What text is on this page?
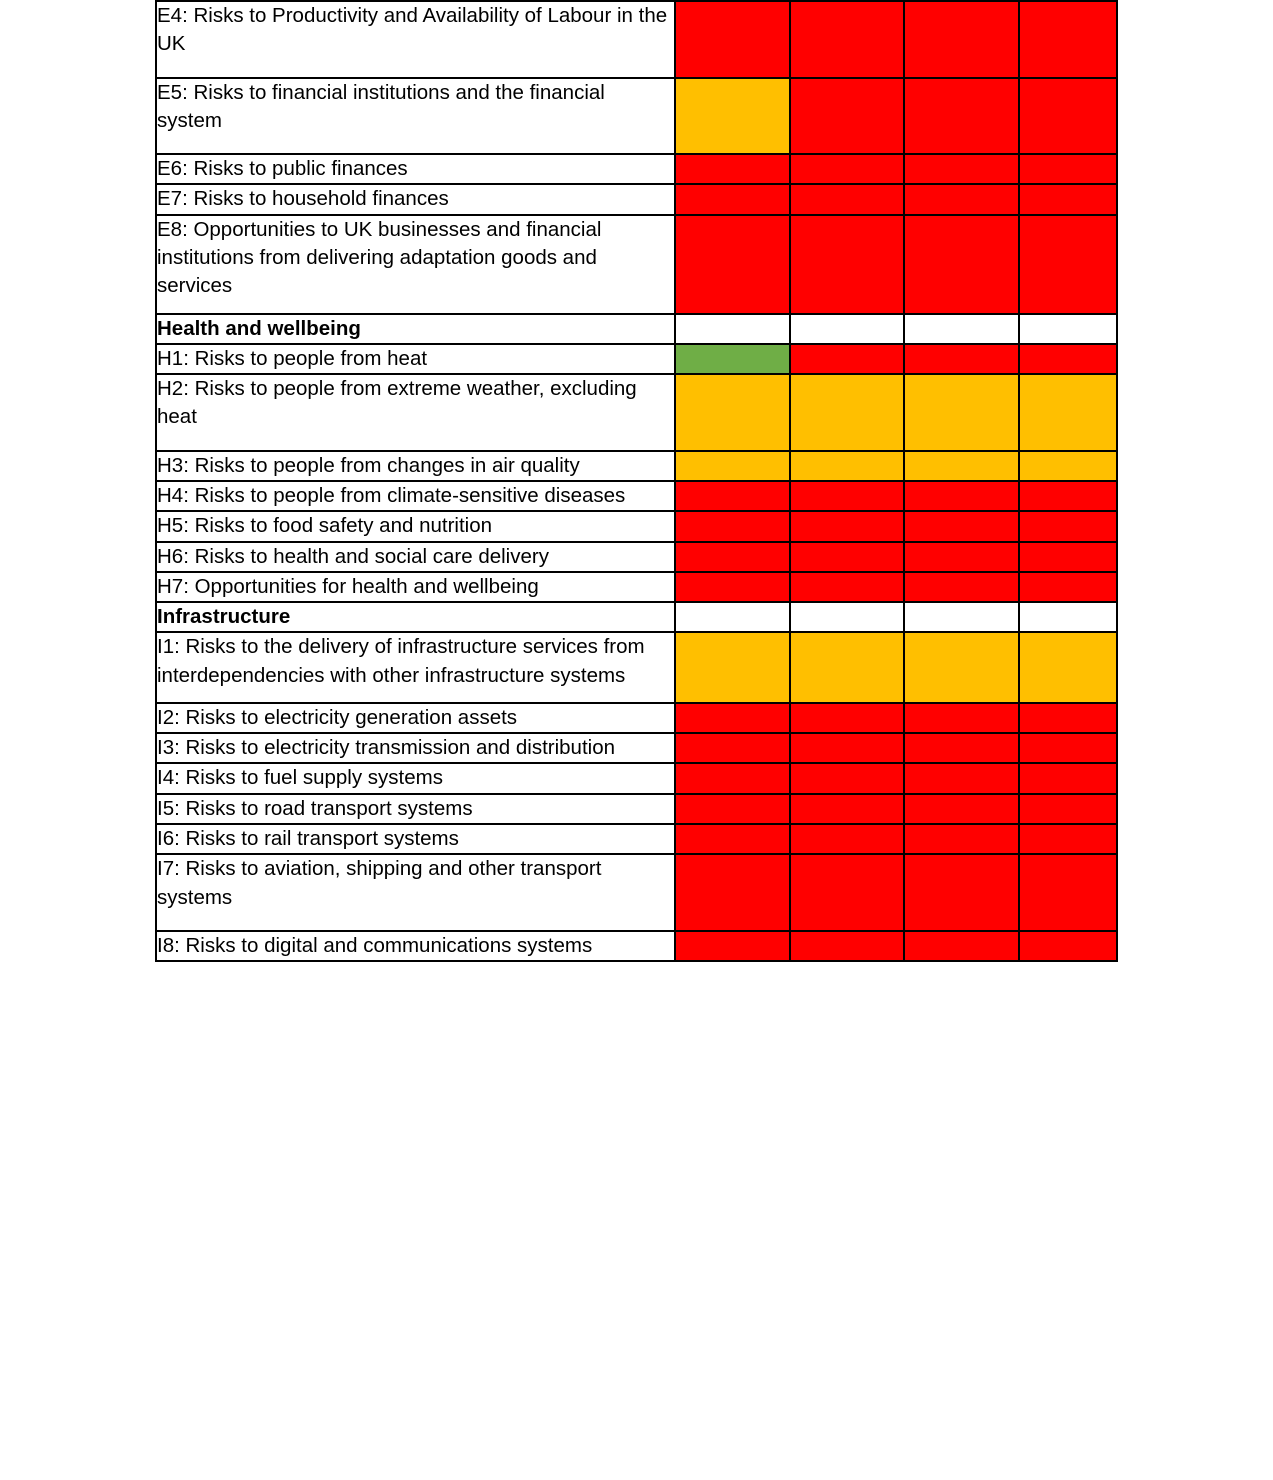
E4: Risks to Productivity and Availability of Labour in the UK

E5: Risks to financial institutions and the financial system

E6: Risks to public finances

E7: Risks to household finances

E8: Opportunities to UK businesses and financial institutions from delivering adaptation goods and services

Health and wellbeing				
H1: Risks to people from heat

H2: Risks to people from extreme weather, excluding heat

H3: Risks to people from changes in air quality

H4: Risks to people from climate-sensitive diseases

H5: Risks to food safety and nutrition

H6: Risks to health and social care delivery

H7: Opportunities for health and wellbeing

Infrastructure				
I1: Risks to the delivery of infrastructure services from interdependencies with other infrastructure systems

I2: Risks to electricity generation assets

I3: Risks to electricity transmission and distribution

I4: Risks to fuel supply systems

I5: Risks to road transport systems

I6: Risks to rail transport systems

I7: Risks to aviation, shipping and other transport systems

I8: Risks to digital and communications systems
